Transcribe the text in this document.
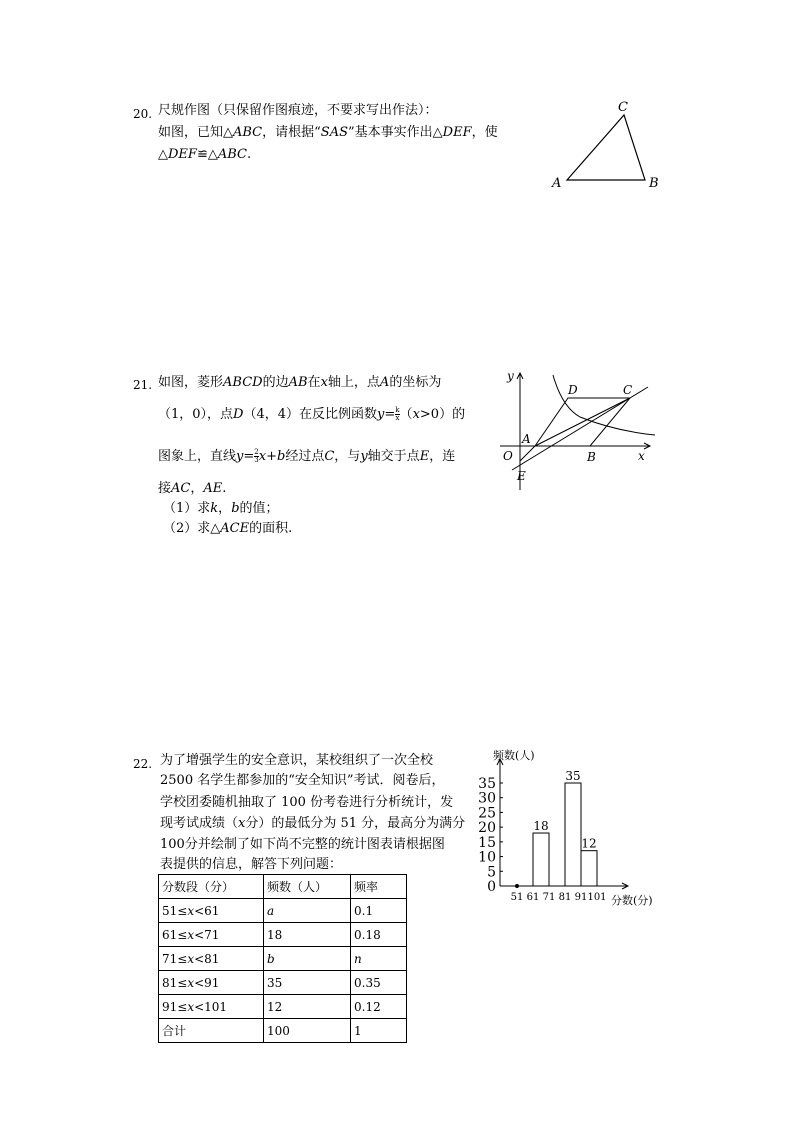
20. 尺规作图（只保留作图痕迹，不要求写出作法）：
如图，已知△ABC，请根据“SAS”基本事实作出△DEF，使
△DEF≌△ABC.
A	B
C
21. 如图，菱形ABCD的边AB在x轴上，点A的坐标为
（1，0），点D（4，4）在反比例函数$y= \frac{k}{x} (x>0)$的
图象上，直线$y= \frac{2}{3} x+b$经过点C，与y轴交于点E，连
接AC，AE.
（1）求k，b的值；
（2）求△ACE的面积.
y
x
O
A
B
C
D
E
22. 为了增强学生的安全意识，某校组织了一次全校
2500 名学生都参加的“安全知识”考试．阅卷后，
学校团委随机抽取了 100 份考卷进行分析统计，发
现考试成绩（x分）的最低分为 51 分，最高分为满分
100分并绘制了如下尚不完整的统计图表请根据图
表提供的信息，解答下列问题：
分数段（分）	频数（人）	频率
51≤x<61	a	0.1
61≤x<71	18	0.18
71≤x<81	b	n
81≤x<91	35	0.35
91≤x<101	12	0.12
合计	100	1
频数(人)
分数(分)
0
5
10
15
20
25
30
35
51 61 71 81 91 101
18
35
12
